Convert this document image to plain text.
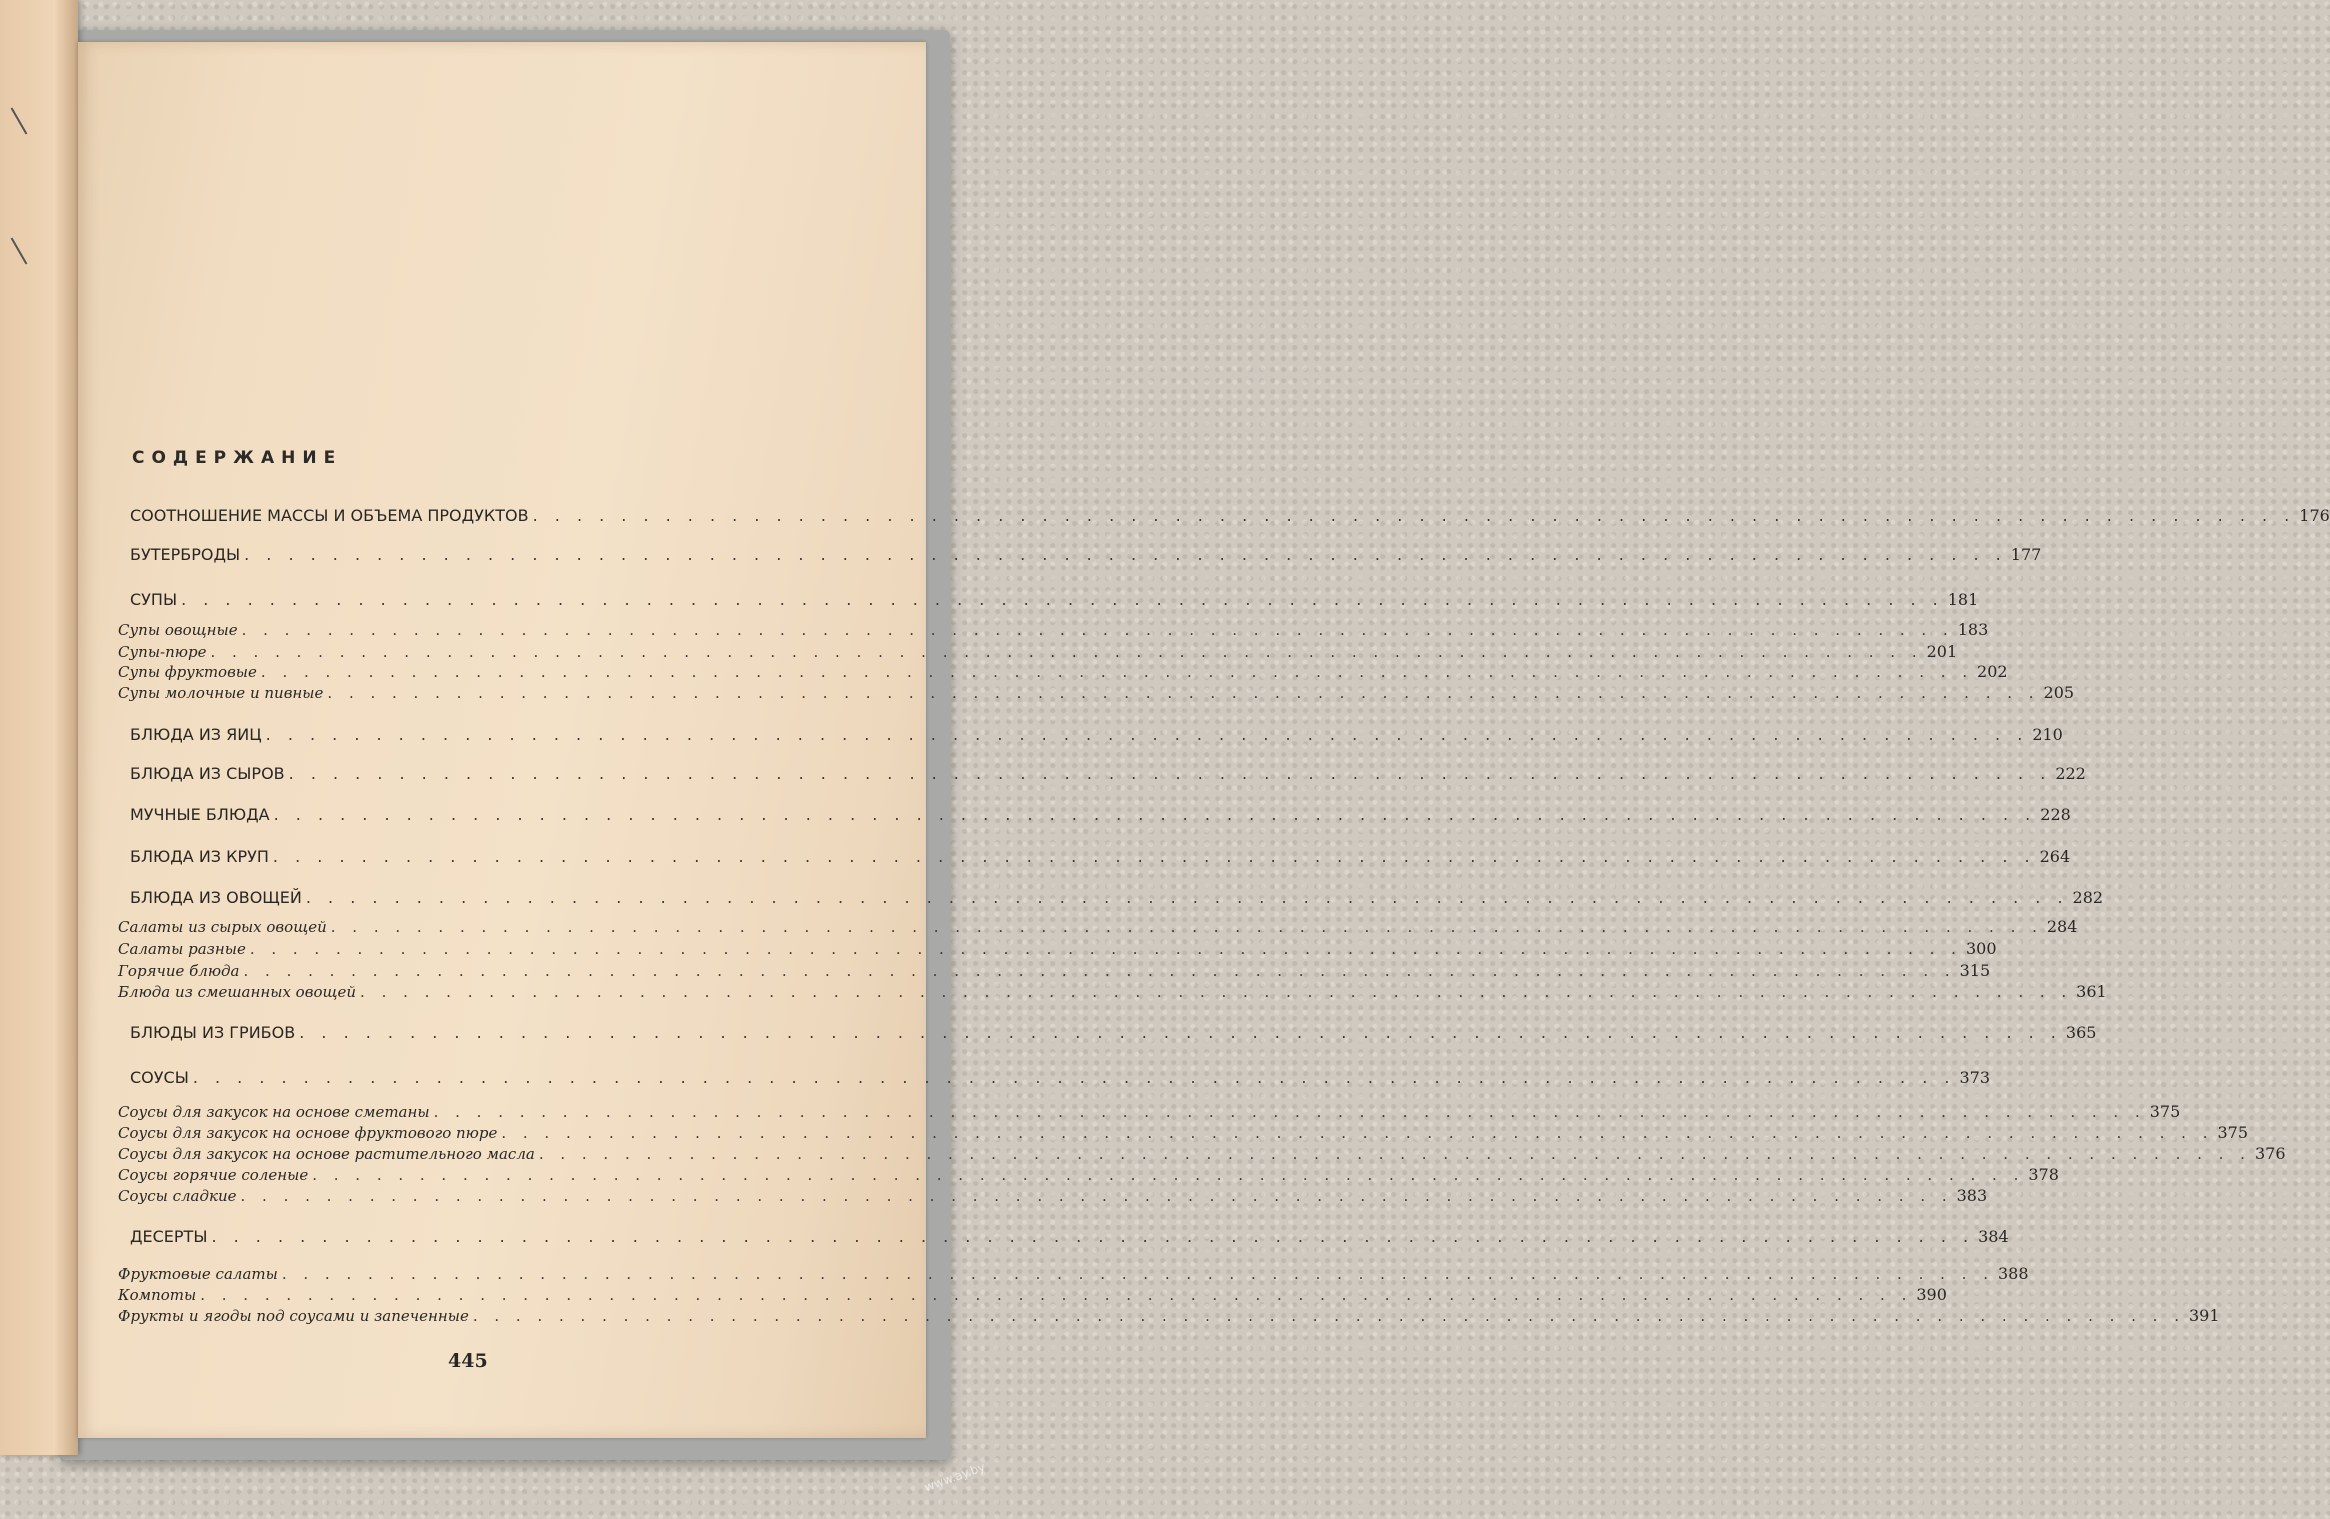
СОДЕРЖАНИЕ
СООТНОШЕНИЕ МАССЫ И ОБЪЕМА ПРОДУКТОВ . . . . . . . . . . . . . . . . . . . . . . . . . . . . . . . . . . . . . . . . . . . . . . . . . . . . . . . . . . . . . . . . . . . . . . . . . . . . . . . . 176
БУТЕРБРОДЫ . . . . . . . . . . . . . . . . . . . . . . . . . . . . . . . . . . . . . . . . . . . . . . . . . . . . . . . . . . . . . . . . . . . . . . . . . . . . . . . . 177
СУПЫ . . . . . . . . . . . . . . . . . . . . . . . . . . . . . . . . . . . . . . . . . . . . . . . . . . . . . . . . . . . . . . . . . . . . . . . . . . . . . . . . 181
Супы овощные . . . . . . . . . . . . . . . . . . . . . . . . . . . . . . . . . . . . . . . . . . . . . . . . . . . . . . . . . . . . . . . . . . . . . . . . . . . . . . . . 183
Супы-пюре . . . . . . . . . . . . . . . . . . . . . . . . . . . . . . . . . . . . . . . . . . . . . . . . . . . . . . . . . . . . . . . . . . . . . . . . . . . . . . . . 201
Супы фруктовые . . . . . . . . . . . . . . . . . . . . . . . . . . . . . . . . . . . . . . . . . . . . . . . . . . . . . . . . . . . . . . . . . . . . . . . . . . . . . . . . 202
Супы молочные и пивные . . . . . . . . . . . . . . . . . . . . . . . . . . . . . . . . . . . . . . . . . . . . . . . . . . . . . . . . . . . . . . . . . . . . . . . . . . . . . . . . 205
БЛЮДА ИЗ ЯИЦ . . . . . . . . . . . . . . . . . . . . . . . . . . . . . . . . . . . . . . . . . . . . . . . . . . . . . . . . . . . . . . . . . . . . . . . . . . . . . . . . 210
БЛЮДА ИЗ СЫРОВ . . . . . . . . . . . . . . . . . . . . . . . . . . . . . . . . . . . . . . . . . . . . . . . . . . . . . . . . . . . . . . . . . . . . . . . . . . . . . . . . 222
МУЧНЫЕ БЛЮДА . . . . . . . . . . . . . . . . . . . . . . . . . . . . . . . . . . . . . . . . . . . . . . . . . . . . . . . . . . . . . . . . . . . . . . . . . . . . . . . . 228
БЛЮДА ИЗ КРУП . . . . . . . . . . . . . . . . . . . . . . . . . . . . . . . . . . . . . . . . . . . . . . . . . . . . . . . . . . . . . . . . . . . . . . . . . . . . . . . . 264
БЛЮДА ИЗ ОВОЩЕЙ . . . . . . . . . . . . . . . . . . . . . . . . . . . . . . . . . . . . . . . . . . . . . . . . . . . . . . . . . . . . . . . . . . . . . . . . . . . . . . . . 282
Салаты из сырых овощей . . . . . . . . . . . . . . . . . . . . . . . . . . . . . . . . . . . . . . . . . . . . . . . . . . . . . . . . . . . . . . . . . . . . . . . . . . . . . . . . 284
Салаты разные . . . . . . . . . . . . . . . . . . . . . . . . . . . . . . . . . . . . . . . . . . . . . . . . . . . . . . . . . . . . . . . . . . . . . . . . . . . . . . . . 300
Горячие блюда . . . . . . . . . . . . . . . . . . . . . . . . . . . . . . . . . . . . . . . . . . . . . . . . . . . . . . . . . . . . . . . . . . . . . . . . . . . . . . . . 315
Блюда из смешанных овощей . . . . . . . . . . . . . . . . . . . . . . . . . . . . . . . . . . . . . . . . . . . . . . . . . . . . . . . . . . . . . . . . . . . . . . . . . . . . . . . . 361
БЛЮДЫ ИЗ ГРИБОВ . . . . . . . . . . . . . . . . . . . . . . . . . . . . . . . . . . . . . . . . . . . . . . . . . . . . . . . . . . . . . . . . . . . . . . . . . . . . . . . . 365
СОУСЫ . . . . . . . . . . . . . . . . . . . . . . . . . . . . . . . . . . . . . . . . . . . . . . . . . . . . . . . . . . . . . . . . . . . . . . . . . . . . . . . . 373
Соусы для закусок на основе сметаны . . . . . . . . . . . . . . . . . . . . . . . . . . . . . . . . . . . . . . . . . . . . . . . . . . . . . . . . . . . . . . . . . . . . . . . . . . . . . . . . 375
Соусы для закусок на основе фруктового пюре . . . . . . . . . . . . . . . . . . . . . . . . . . . . . . . . . . . . . . . . . . . . . . . . . . . . . . . . . . . . . . . . . . . . . . . . . . . . . . . . 375
Соусы для закусок на основе растительного масла . . . . . . . . . . . . . . . . . . . . . . . . . . . . . . . . . . . . . . . . . . . . . . . . . . . . . . . . . . . . . . . . . . . . . . . . . . . . . . . . 376
Соусы горячие соленые . . . . . . . . . . . . . . . . . . . . . . . . . . . . . . . . . . . . . . . . . . . . . . . . . . . . . . . . . . . . . . . . . . . . . . . . . . . . . . . . 378
Соусы сладкие . . . . . . . . . . . . . . . . . . . . . . . . . . . . . . . . . . . . . . . . . . . . . . . . . . . . . . . . . . . . . . . . . . . . . . . . . . . . . . . . 383
ДЕСЕРТЫ . . . . . . . . . . . . . . . . . . . . . . . . . . . . . . . . . . . . . . . . . . . . . . . . . . . . . . . . . . . . . . . . . . . . . . . . . . . . . . . . 384
Фруктовые салаты . . . . . . . . . . . . . . . . . . . . . . . . . . . . . . . . . . . . . . . . . . . . . . . . . . . . . . . . . . . . . . . . . . . . . . . . . . . . . . . . 388
Компоты . . . . . . . . . . . . . . . . . . . . . . . . . . . . . . . . . . . . . . . . . . . . . . . . . . . . . . . . . . . . . . . . . . . . . . . . . . . . . . . . 390
Фрукты и ягоды под соусами и запеченные . . . . . . . . . . . . . . . . . . . . . . . . . . . . . . . . . . . . . . . . . . . . . . . . . . . . . . . . . . . . . . . . . . . . . . . . . . . . . . . . 391
445
www.ay.by
